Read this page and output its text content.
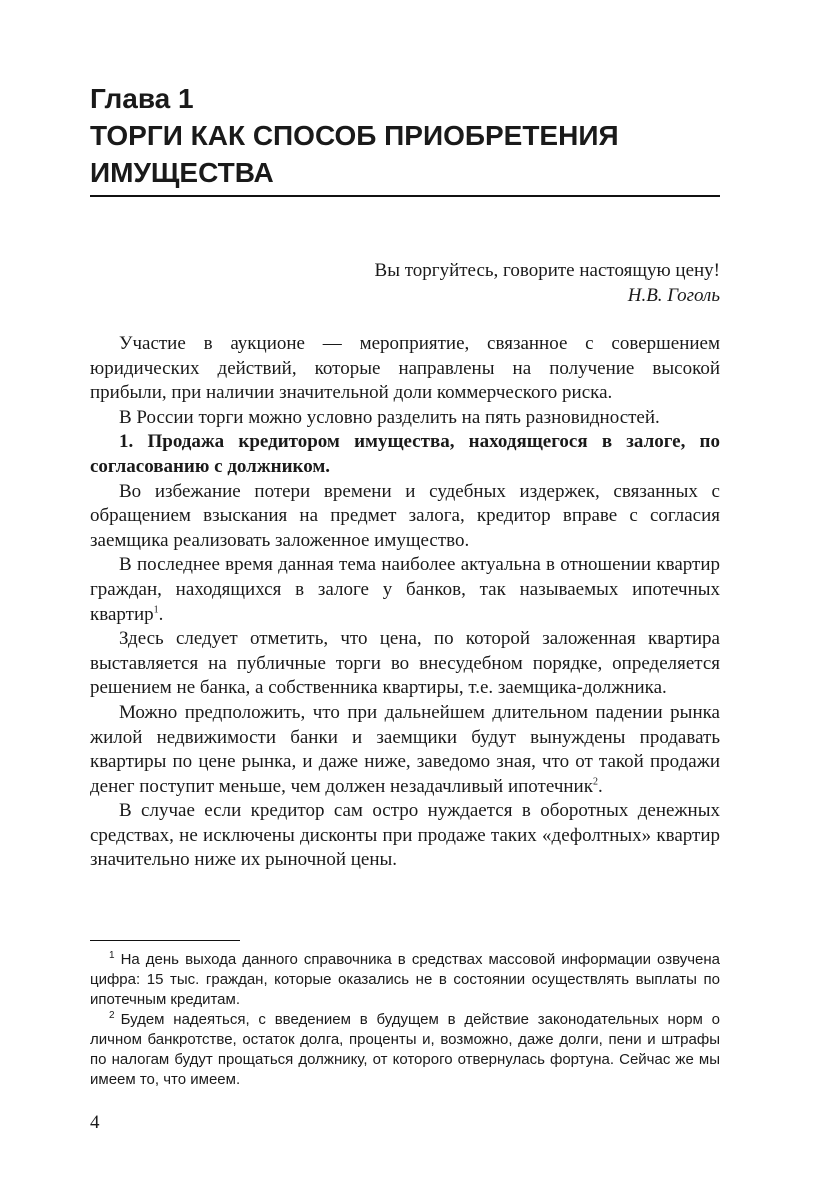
Глава 1
ТОРГИ КАК СПОСОБ ПРИОБРЕТЕНИЯ
ИМУЩЕСТВА
Вы торгуйтесь, говорите настоящую цену!
Н.В. Гоголь

Участие в аукционе — мероприятие, связанное с совершением юридических действий, которые направлены на получение высокой прибыли, при наличии значительной доли коммерческого риска.

В России торги можно условно разделить на пять разновидностей.

1. Продажа кредитором имущества, находящегося в залоге, по согласованию с должником.

Во избежание потери времени и судебных издержек, связанных с обращением взыскания на предмет залога, кредитор вправе с согласия заемщика реализовать заложенное имущество.

В последнее время данная тема наиболее актуальна в отношении квартир граждан, находящихся в залоге у банков, так называемых ипотечных квартир$^1$.

Здесь следует отметить, что цена, по которой заложенная квартира выставляется на публичные торги во внесудебном порядке, определяется решением не банка, а собственника квартиры, т.е. заемщика-должника.

Можно предположить, что при дальнейшем длительном падении рынка жилой недвижимости банки и заемщики будут вынуждены продавать квартиры по цене рынка, и даже ниже, заведомо зная, что от такой продажи денег поступит меньше, чем должен незадачливый ипотечник$^2$.

В случае если кредитор сам остро нуждается в оборотных денежных средствах, не исключены дисконты при продаже таких «дефолтных» квартир значительно ниже их рыночной цены.

$^1$ На день выхода данного справочника в средствах массовой информации озвучена цифра: 15 тыс. граждан, которые оказались не в состоянии осуществлять выплаты по ипотечным кредитам.

$^2$ Будем надеяться, с введением в будущем в действие законодательных норм о личном банкротстве, остаток долга, проценты и, возможно, даже долги, пени и штрафы по налогам будут прощаться должнику, от которого отвернулась фортуна. Сейчас же мы имеем то, что имеем.

4
